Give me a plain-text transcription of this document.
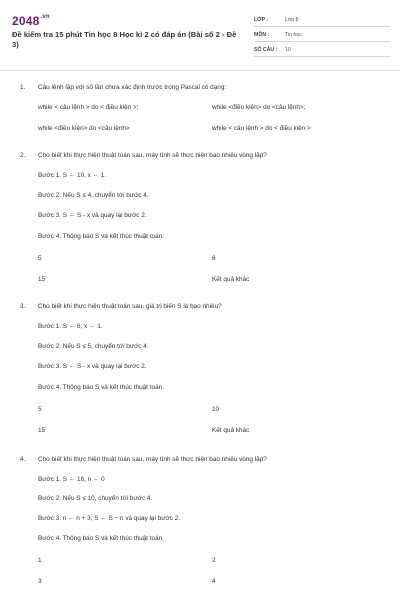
$2048^{.vn}$
Đề kiểm tra 15 phút Tin học 8 Học kì 2 có đáp án (Bài số 2 - Đề 3)
LỚP :	Lớp 8
MÔN :	Tin học
SỐ CÂU :	10
1. Câu lệnh lặp với số lần chưa xác định trước trong Pascal có dạng:
while < câu lệnh > do < điều kiện >;	while <điều kiện> do <câu lệnh>;
while <điều kiện> do <câu lệnh>	while < câu lệnh > do < điều kiện >
2. Cho biết khi thực hiện thuật toán sau, máy tính sẽ thực hiện bao nhiêu vòng lặp?
Bước 1. S ← 10, x ← 1.
Bước 2. Nếu S ≤ 4, chuyển tới bước 4.
Bước 3. S ← S - x và quay lại bước 2.
Bước 4. Thông báo S và kết thúc thuật toán.
5	6
15	Kết quả khác
3. Cho biết khi thực hiện thuật toán sau, giá trị biến S là bao nhiêu?
Bước 1. S ← 6, x ← 1.
Bước 2. Nếu S ≤ 5, chuyển tới bước 4.
Bước 3. S ← S - x và quay lại bước 2.
Bước 4. Thông báo S và kết thúc thuật toán.
5	10
15	Kết quả khác
4. Cho biết khi thực hiện thuật toán sau, máy tính sẽ thực hiện bao nhiêu vòng lặp?
Bước 1. S ← 16, n ← 0
Bước 2. Nếu S ≤ 10, chuyển tới bước 4.
Bước 3. n ← n + 3, S ← S − n và quay lại bước 2.
Bước 4. Thông báo S và kết thúc thuật toán.
1	2
3	4
